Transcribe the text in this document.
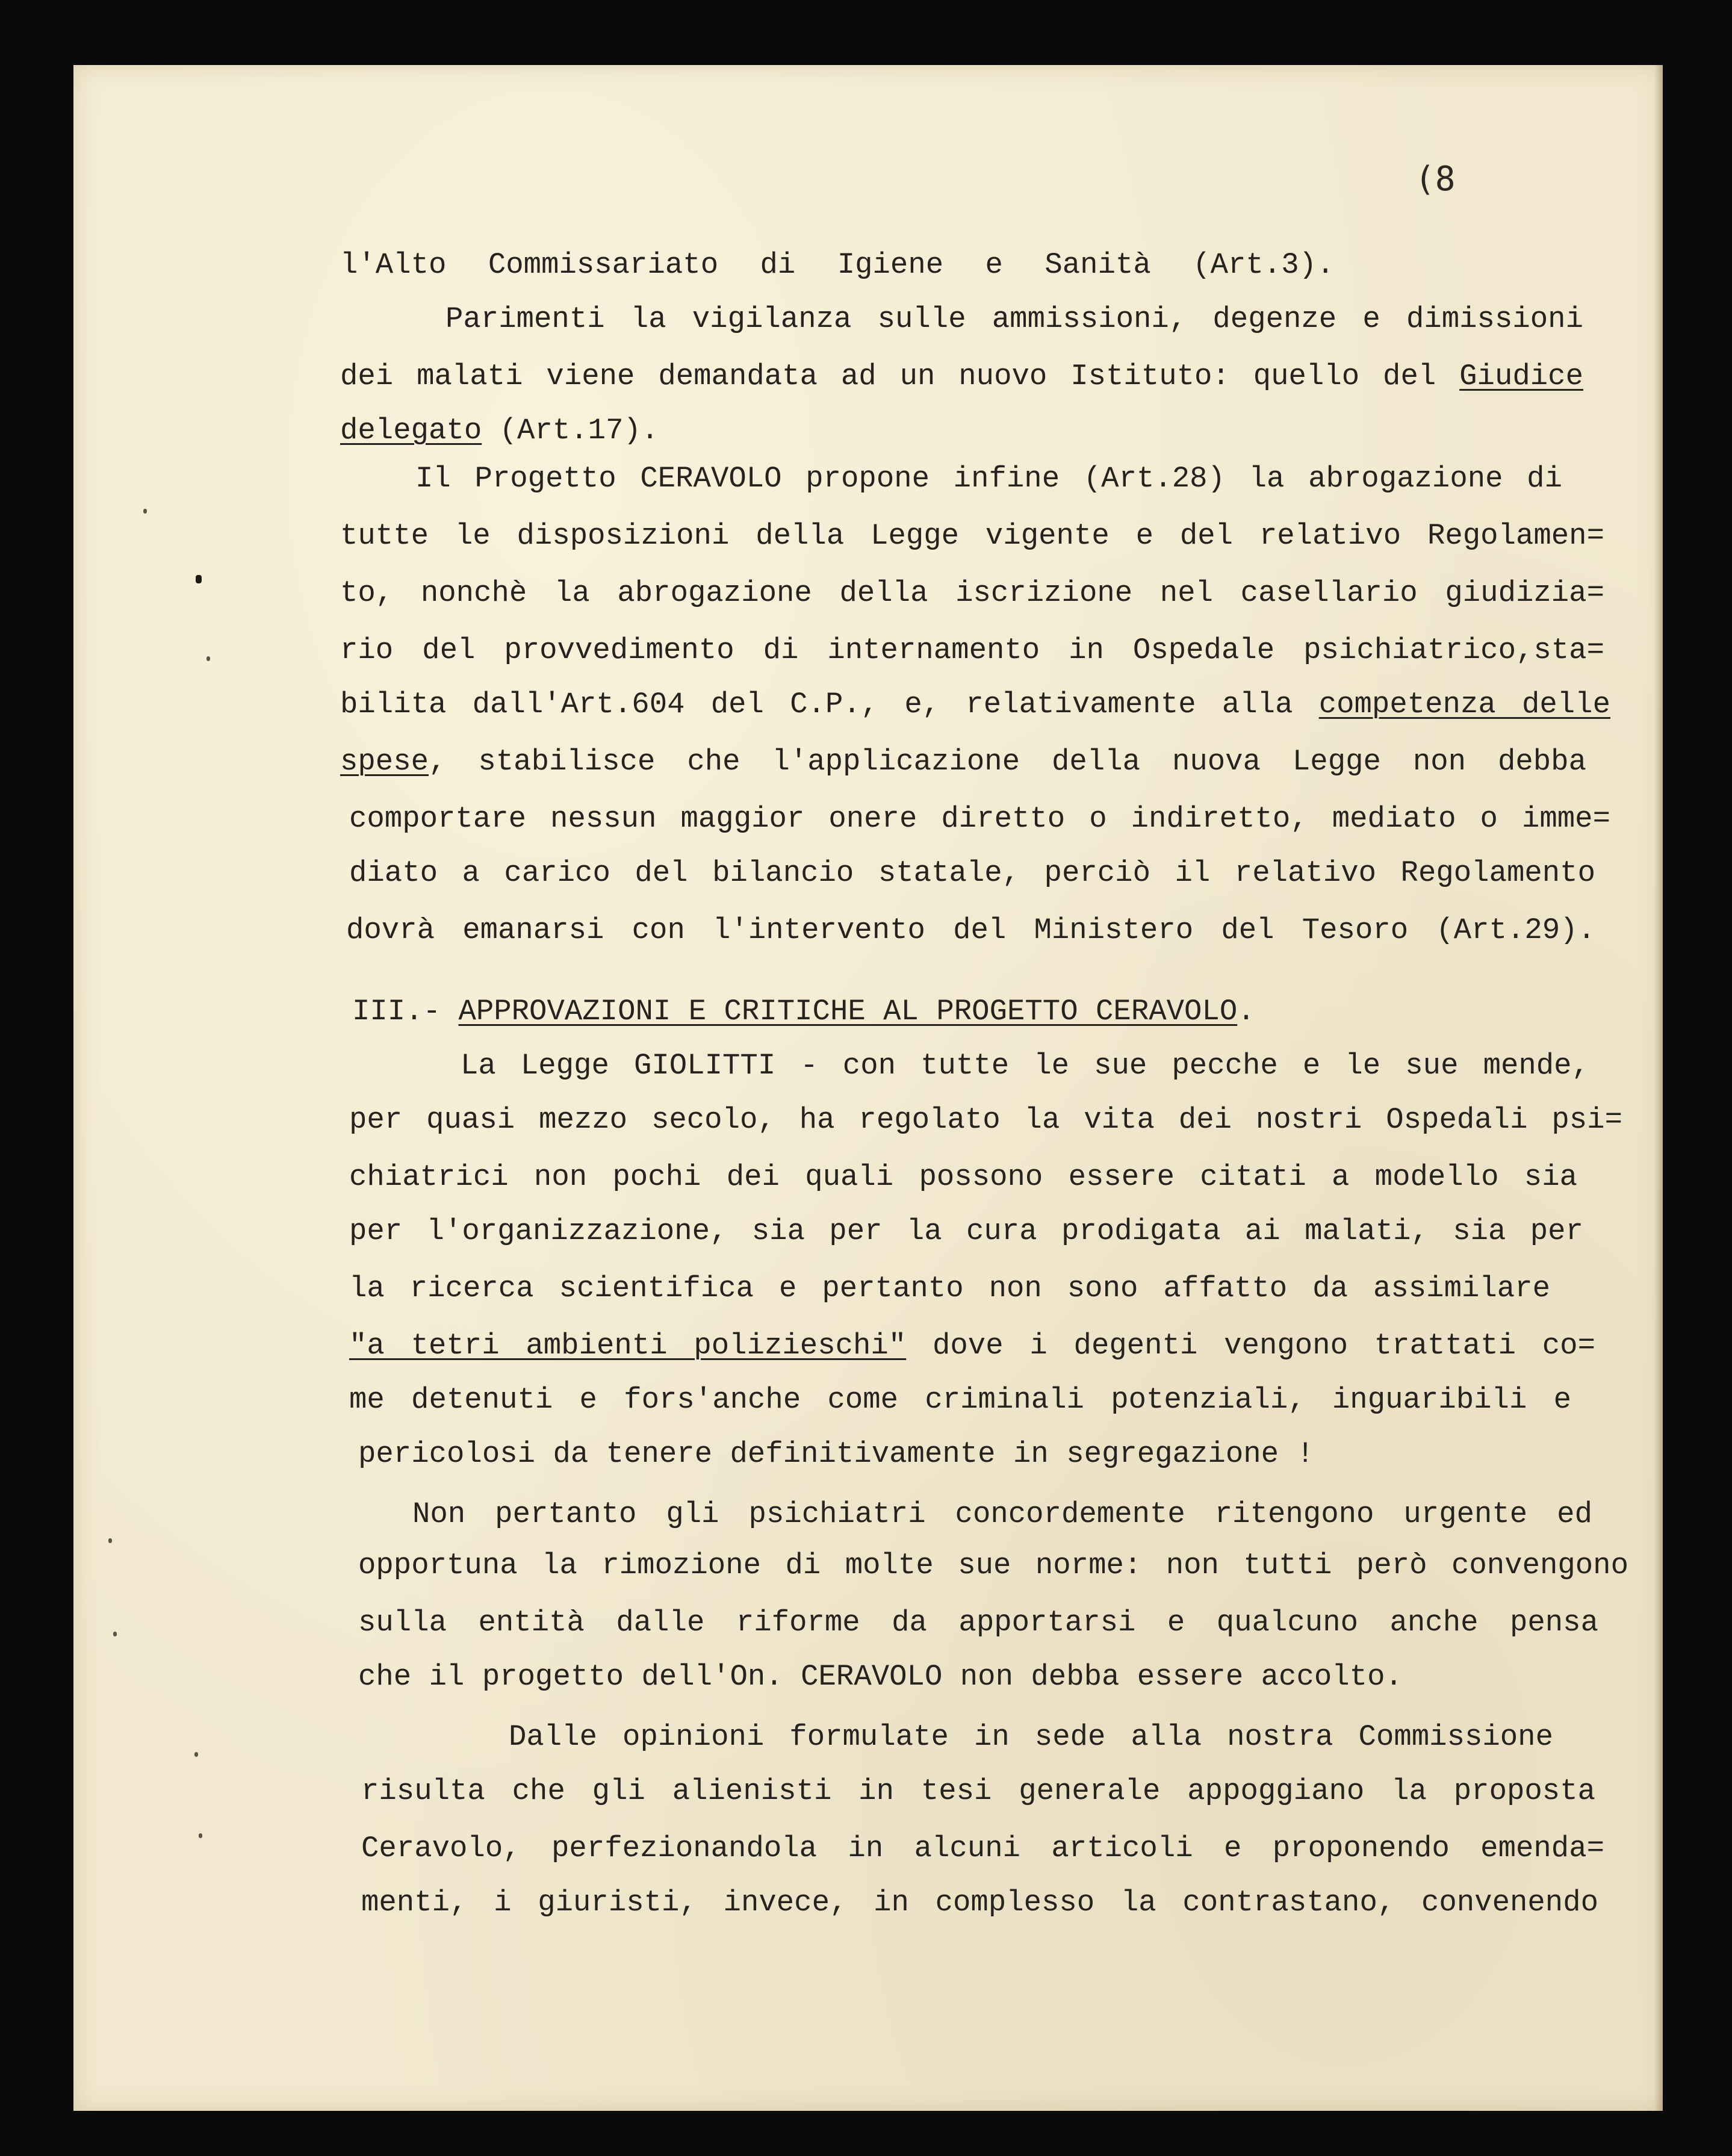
(8
l'Alto Commissariato di Igiene e Sanità (Art.3).
Parimenti la vigilanza sulle ammissioni, degenze e dimissioni
dei malati viene demandata ad un nuovo Istituto: quello del Giudice
delegato (Art.17).
Il Progetto CERAVOLO propone infine (Art.28) la abrogazione di
tutte le disposizioni della Legge vigente e del relativo Regolamen=
to, nonchè la abrogazione della iscrizione nel casellario giudizia=
rio del provvedimento di internamento in Ospedale psichiatrico,sta=
bilita dall'Art.604 del C.P., e, relativamente alla competenza delle
spese, stabilisce che l'applicazione della nuova Legge non debba
comportare nessun maggior onere diretto o indiretto, mediato o imme=
diato a carico del bilancio statale, perciò il relativo Regolamento
dovrà emanarsi con l'intervento del Ministero del Tesoro (Art.29).
III.- APPROVAZIONI E CRITICHE AL PROGETTO CERAVOLO.
La Legge GIOLITTI - con tutte le sue pecche e le sue mende,
per quasi mezzo secolo, ha regolato la vita dei nostri Ospedali psi=
chiatrici non pochi dei quali possono essere citati a modello sia
per l'organizzazione, sia per la cura prodigata ai malati, sia per
la ricerca scientifica e pertanto non sono affatto da assimilare
"a tetri ambienti polizieschi" dove i degenti vengono trattati co=
me detenuti e fors'anche come criminali potenziali, inguaribili e
pericolosi da tenere definitivamente in segregazione !
Non pertanto gli psichiatri concordemente ritengono urgente ed
opportuna la rimozione di molte sue norme: non tutti però convengono
sulla entità dalle riforme da apportarsi e qualcuno anche pensa
che il progetto dell'On. CERAVOLO non debba essere accolto.
Dalle opinioni formulate in sede alla nostra Commissione
risulta che gli alienisti in tesi generale appoggiano la proposta
Ceravolo, perfezionandola in alcuni articoli e proponendo emenda=
menti, i giuristi, invece, in complesso la contrastano, convenendo
